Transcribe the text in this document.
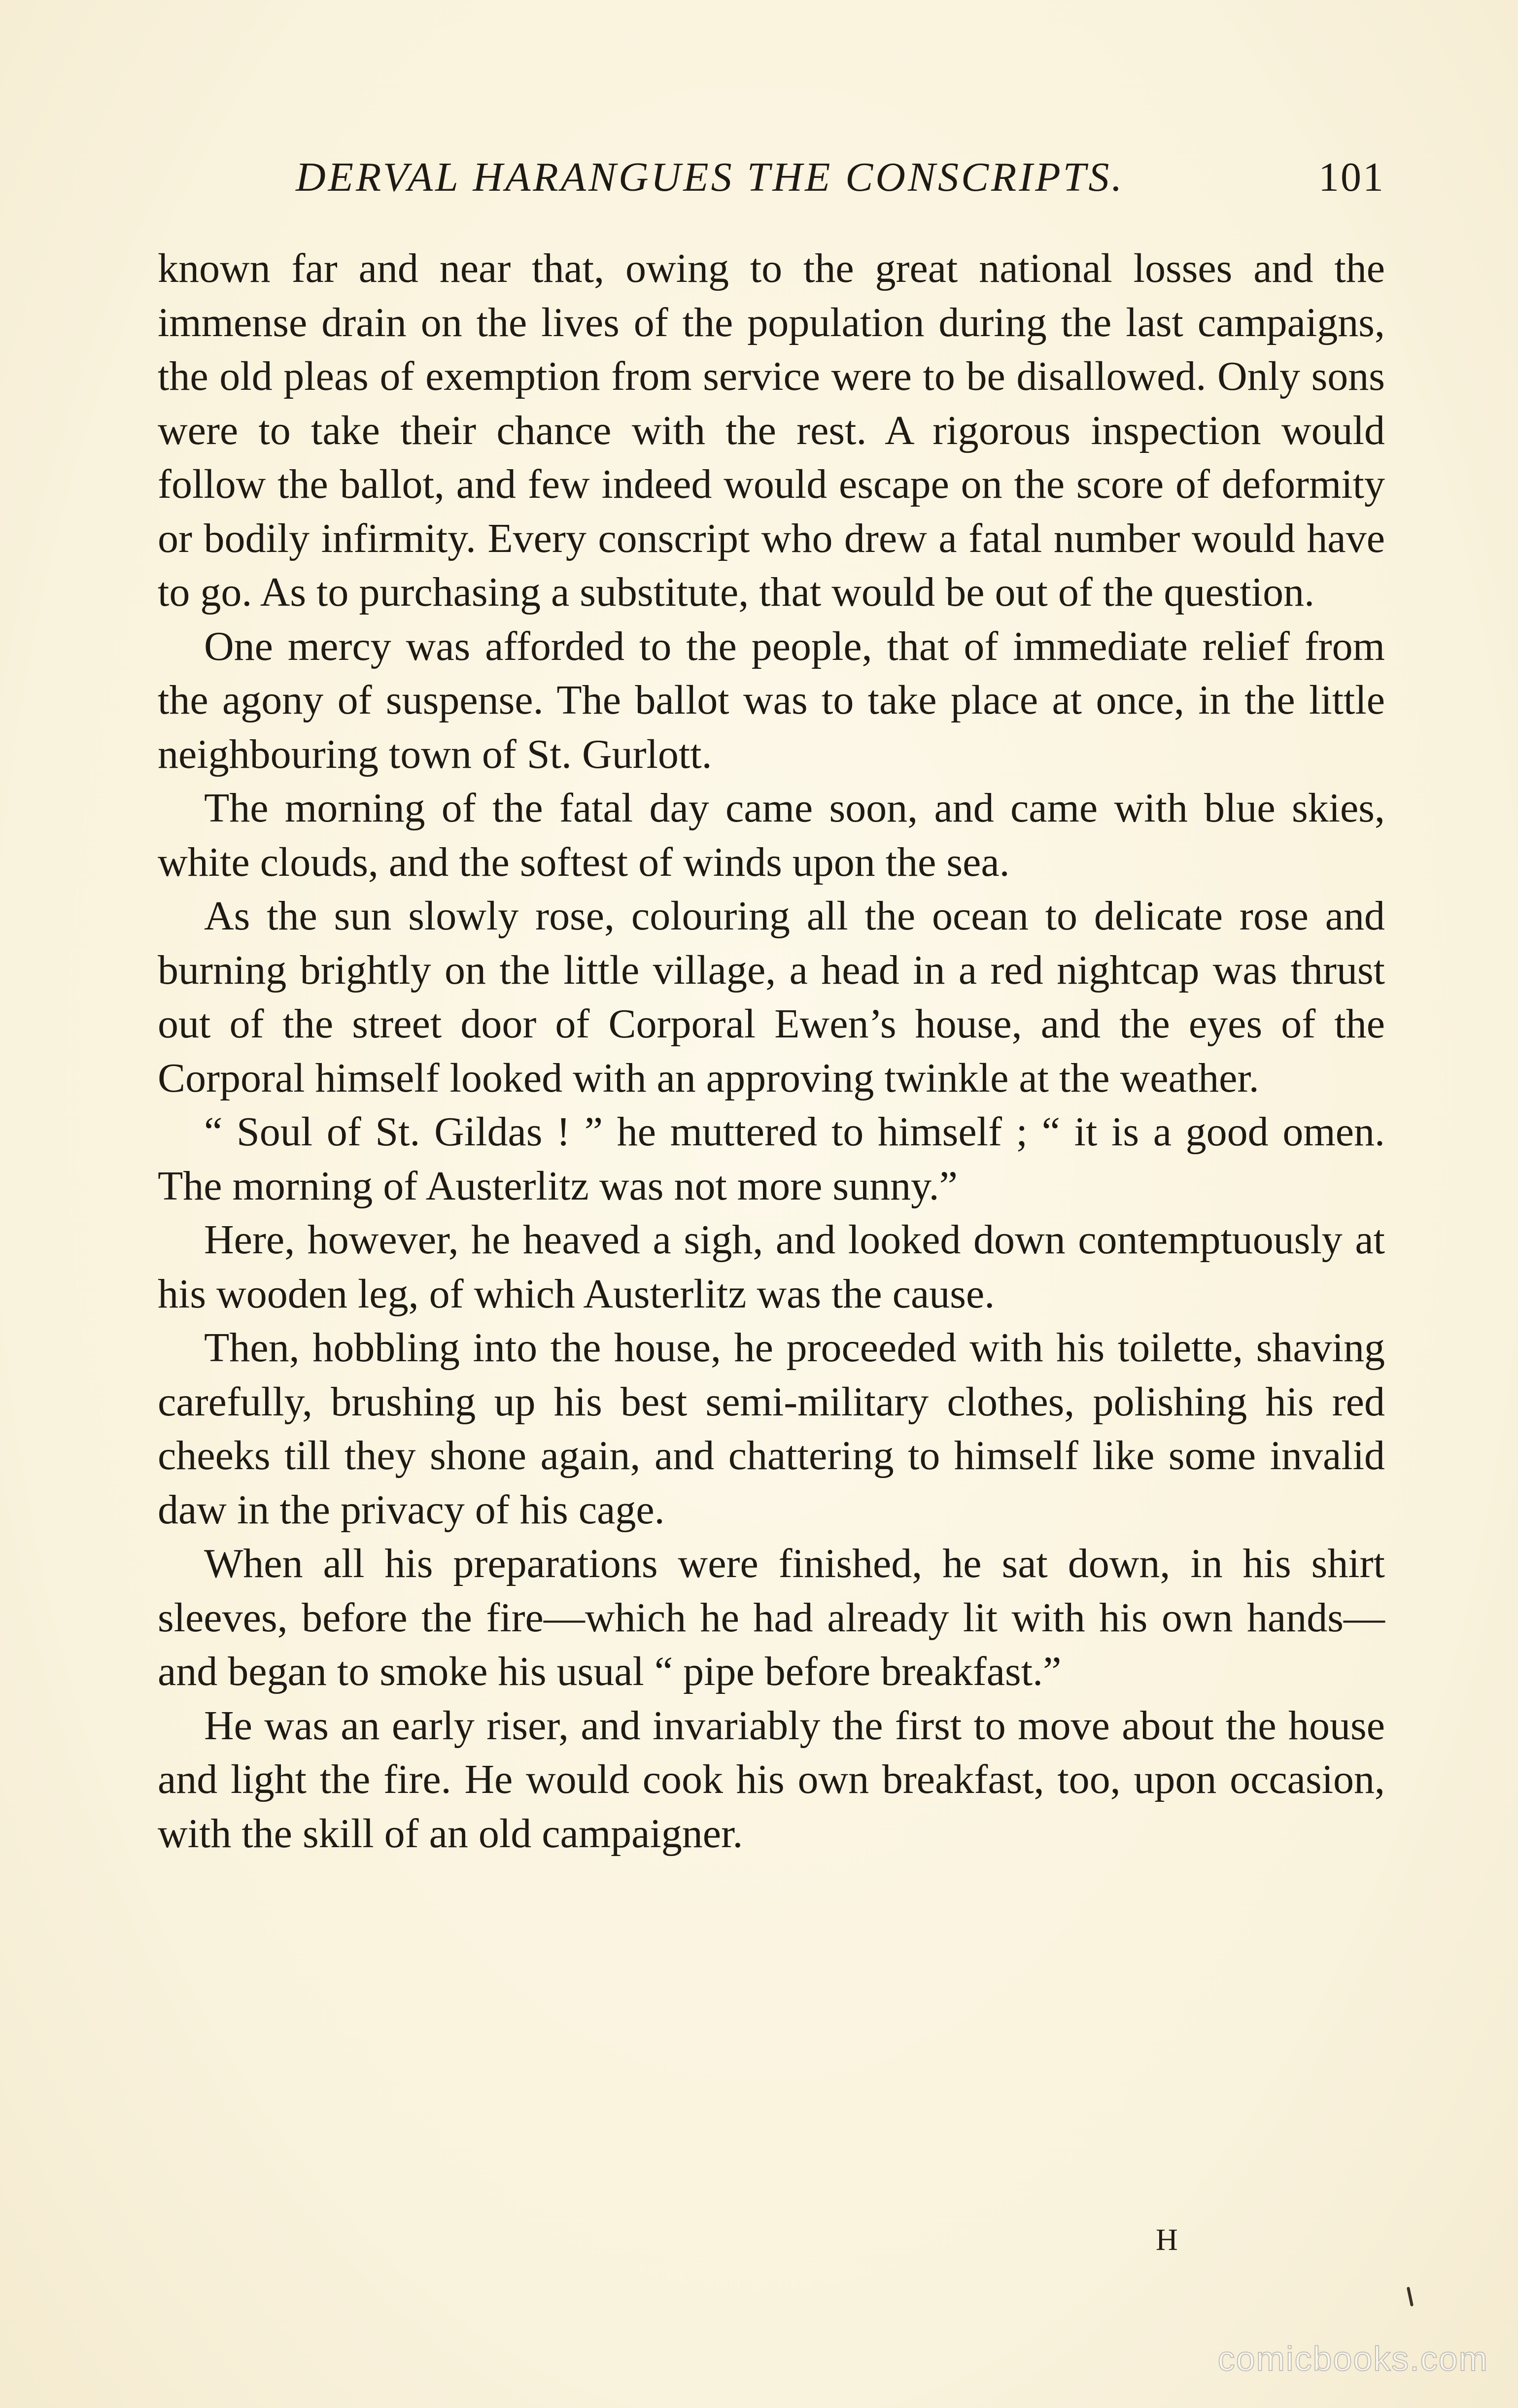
DERVAL HARANGUES THE CONSCRIPTS.	101

known far and near that, owing to the great national losses and the immense drain on the lives of the population during the last campaigns, the old pleas of exemption from service were to be disallowed. Only sons were to take their chance with the rest. A rigorous inspection would follow the ballot, and few indeed would escape on the score of deformity or bodily infirmity. Every conscript who drew a fatal number would have to go. As to purchasing a substitute, that would be out of the question.

One mercy was afforded to the people, that of immediate relief from the agony of suspense. The ballot was to take place at once, in the little neighbouring town of St. Gurlott.

The morning of the fatal day came soon, and came with blue skies, white clouds, and the softest of winds upon the sea.

As the sun slowly rose, colouring all the ocean to delicate rose and burning brightly on the little village, a head in a red nightcap was thrust out of the street door of Corporal Ewen’s house, and the eyes of the Corporal himself looked with an approving twinkle at the weather.

“ Soul of St. Gildas ! ” he muttered to himself ; “ it is a good omen. The morning of Austerlitz was not more sunny.”

Here, however, he heaved a sigh, and looked down contemptuously at his wooden leg, of which Austerlitz was the cause.

Then, hobbling into the house, he proceeded with his toilette, shaving carefully, brushing up his best semi-military clothes, polishing his red cheeks till they shone again, and chattering to himself like some invalid daw in the privacy of his cage.

When all his preparations were finished, he sat down, in his shirt sleeves, before the fire—which he had already lit with his own hands—and began to smoke his usual “ pipe before breakfast.”

He was an early riser, and invariably the first to move about the house and light the fire. He would cook his own breakfast, too, upon occasion, with the skill of an old campaigner.

H
comicbooks.com
